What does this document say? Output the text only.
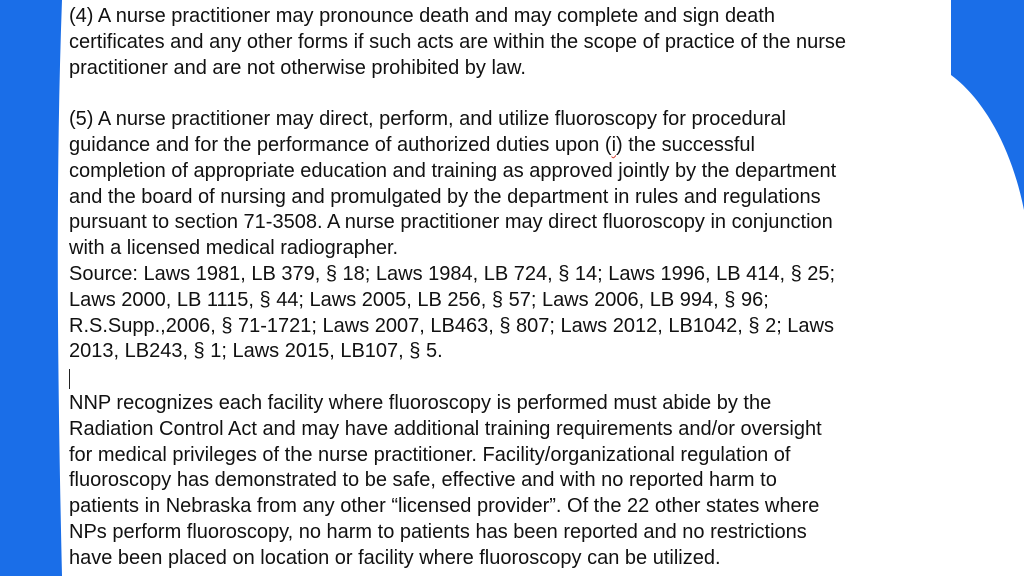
(4) A nurse practitioner may pronounce death and may complete and sign death
certificates and any other forms if such acts are within the scope of practice of the nurse
practitioner and are not otherwise prohibited by law.

(5) A nurse practitioner may direct, perform, and utilize fluoroscopy for procedural
guidance and for the performance of authorized duties upon (i) the successful
completion of appropriate education and training as approved jointly by the department
and the board of nursing and promulgated by the department in rules and regulations
pursuant to section 71-3508. A nurse practitioner may direct fluoroscopy in conjunction
with a licensed medical radiographer.

Source: Laws 1981, LB 379, § 18; Laws 1984, LB 724, § 14; Laws 1996, LB 414, § 25;
Laws 2000, LB 1115, § 44; Laws 2005, LB 256, § 57; Laws 2006, LB 994, § 96;
R.S.Supp.,2006, § 71-1721; Laws 2007, LB463, § 807; Laws 2012, LB1042, § 2; Laws
2013, LB243, § 1; Laws 2015, LB107, § 5.

NNP recognizes each facility where fluoroscopy is performed must abide by the
Radiation Control Act and may have additional training requirements and/or oversight
for medical privileges of the nurse practitioner. Facility/organizational regulation of
fluoroscopy has demonstrated to be safe, effective and with no reported harm to
patients in Nebraska from any other “licensed provider”. Of the 22 other states where
NPs perform fluoroscopy, no harm to patients has been reported and no restrictions
have been placed on location or facility where fluoroscopy can be utilized.
